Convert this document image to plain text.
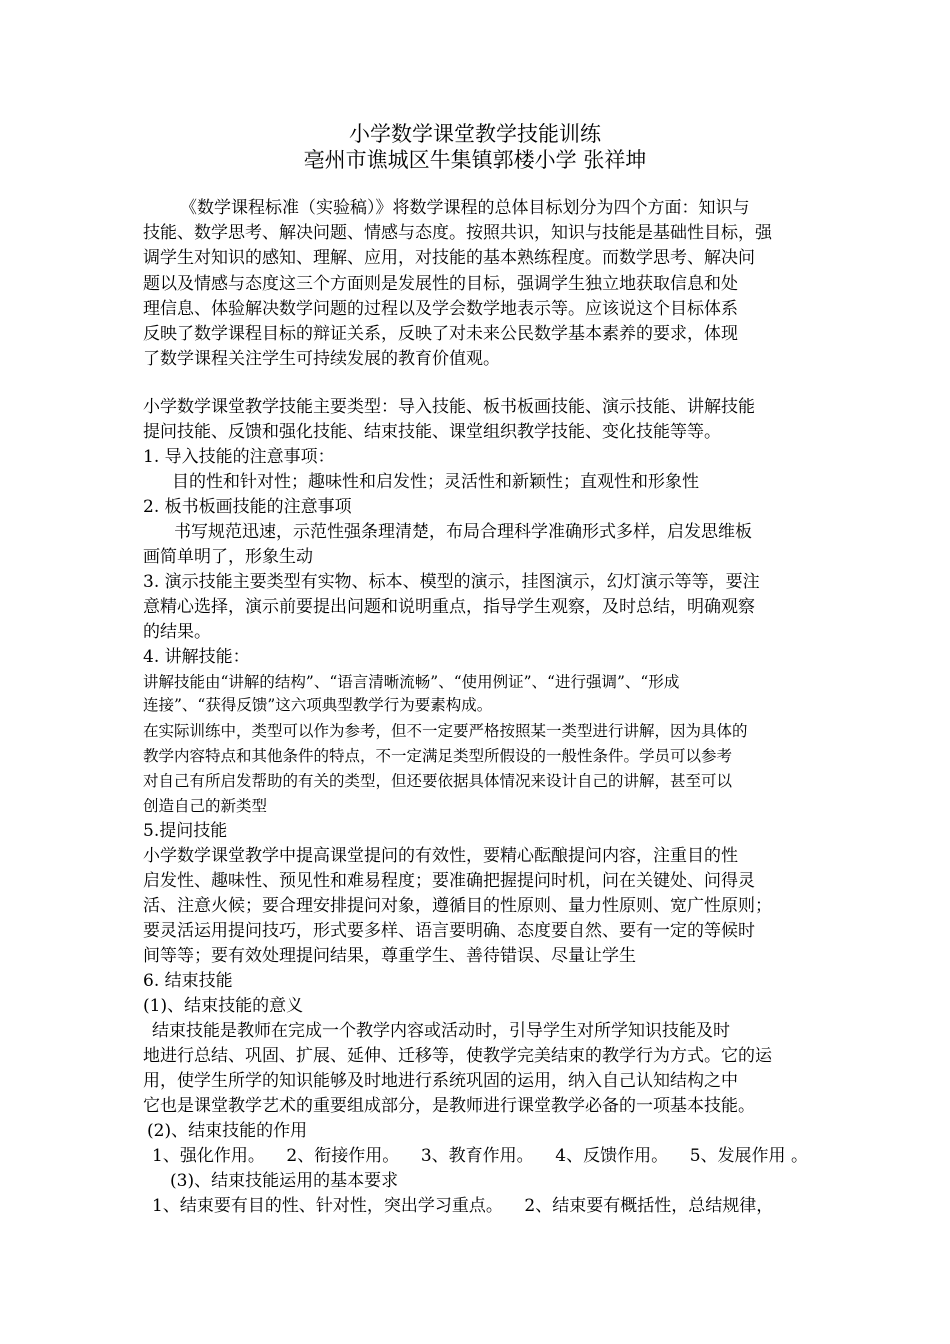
小学数学课堂教学技能训练
亳州市谯城区牛集镇郭楼小学 张祥坤
《数学课程标准（实验稿）》将数学课程的总体目标划分为四个方面：知识与
技能、数学思考、解决问题、情感与态度。按照共识，知识与技能是基础性目标，强
调学生对知识的感知、理解、应用，对技能的基本熟练程度。而数学思考、解决问
题以及情感与态度这三个方面则是发展性的目标，强调学生独立地获取信息和处
理信息、体验解决数学问题的过程以及学会数学地表示等。应该说这个目标体系
反映了数学课程目标的辩证关系，反映了对未来公民数学基本素养的要求，体现
了数学课程关注学生可持续发展的教育价值观。
小学数学课堂教学技能主要类型：导入技能、板书板画技能、演示技能、讲解技能
提问技能、反馈和强化技能、结束技能、课堂组织教学技能、变化技能等等。
1. 导入技能的注意事项：
目的性和针对性；趣味性和启发性；灵活性和新颖性；直观性和形象性
2. 板书板画技能的注意事项
书写规范迅速，示范性强条理清楚，布局合理科学准确形式多样，启发思维板
画简单明了，形象生动
3. 演示技能主要类型有实物、标本、模型的演示，挂图演示，幻灯演示等等，要注
意精心选择，演示前要提出问题和说明重点，指导学生观察，及时总结，明确观察
的结果。
4. 讲解技能：
讲解技能由“讲解的结构”、“语言清晰流畅”、“使用例证”、“进行强调”、“形成
连接”、“获得反馈”这六项典型教学行为要素构成。
在实际训练中，类型可以作为参考，但不一定要严格按照某一类型进行讲解，因为具体的
教学内容特点和其他条件的特点，不一定满足类型所假设的一般性条件。学员可以参考
对自己有所启发帮助的有关的类型，但还要依据具体情况来设计自己的讲解，甚至可以
创造自己的新类型
5.提问技能
小学数学课堂教学中提高课堂提问的有效性，要精心酝酿提问内容，注重目的性
启发性、趣味性、预见性和难易程度；要准确把握提问时机，问在关键处、问得灵
活、注意火候；要合理安排提问对象，遵循目的性原则、量力性原则、宽广性原则；
要灵活运用提问技巧，形式要多样、语言要明确、态度要自然、要有一定的等候时
间等等；要有效处理提问结果，尊重学生、善待错误、尽量让学生
6. 结束技能
(1)、结束技能的意义
结束技能是教师在完成一个教学内容或活动时，引导学生对所学知识技能及时
地进行总结、巩固、扩展、延伸、迁移等，使教学完美结束的教学行为方式。它的运
用，使学生所学的知识能够及时地进行系统巩固的运用，纳入自己认知结构之中
它也是课堂教学艺术的重要组成部分，是教师进行课堂教学必备的一项基本技能。
(2)、结束技能的作用
1、强化作用。    2、衔接作用。    3、教育作用。    4、反馈作用。    5、发展作用 。
(3)、结束技能运用的基本要求
1、结束要有目的性、针对性，突出学习重点。    2、结束要有概括性，总结规律，
